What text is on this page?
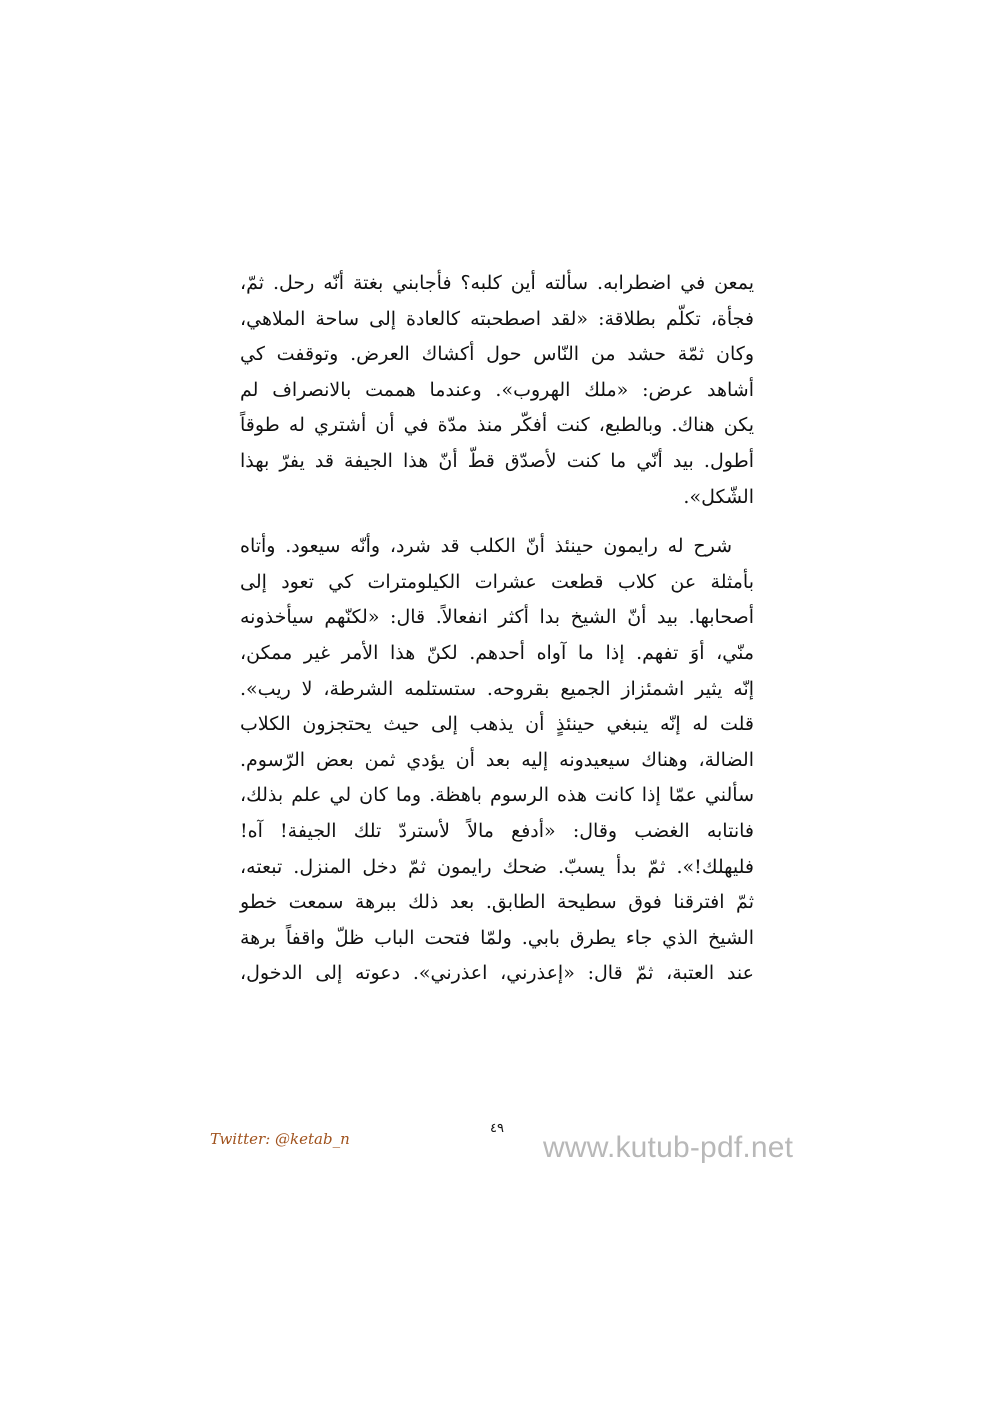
يمعن في اضطرابه. سألته أين كلبه؟ فأجابني بغتة أنّه رحل. ثمّ،
فجأة، تكلّم بطلاقة: «لقد اصطحبته كالعادة إلى ساحة الملاهي،
وكان ثمّة حشد من النّاس حول أكشاك العرض. وتوقفت كي
أشاهد عرض: «ملك الهروب». وعندما هممت بالانصراف لم
يكن هناك. وبالطبع، كنت أفكّر منذ مدّة في أن أشتري له طوقاً
أطول. بيد أنّي ما كنت لأصدّق قطّ أنّ هذا الجيفة قد يفرّ بهذا
الشّكل».
شرح له رايمون حينئذ أنّ الكلب قد شرد، وأنّه سيعود. وأتاه
بأمثلة عن كلاب قطعت عشرات الكيلومترات كي تعود إلى
أصحابها. بيد أنّ الشيخ بدا أكثر انفعالاً. قال: «لكنّهم سيأخذونه
منّي، أوَ تفهم. إذا ما آواه أحدهم. لكنّ هذا الأمر غير ممكن،
إنّه يثير اشمئزاز الجميع بقروحه. ستستلمه الشرطة، لا ريب».
قلت له إنّه ينبغي حينئذٍ أن يذهب إلى حيث يحتجزون الكلاب
الضالة، وهناك سيعيدونه إليه بعد أن يؤدي ثمن بعض الرّسوم.
سألني عمّا إذا كانت هذه الرسوم باهظة. وما كان لي علم بذلك،
فانتابه الغضب وقال: «أدفع مالاً لأستردّ تلك الجيفة! آه!
فليهلك!». ثمّ بدأ يسبّ. ضحك رايمون ثمّ دخل المنزل. تبعته،
ثمّ افترقنا فوق سطيحة الطابق. بعد ذلك ببرهة سمعت خطو
الشيخ الذي جاء يطرق بابي. ولمّا فتحت الباب ظلّ واقفاً برهة
عند العتبة، ثمّ قال: «إعذرني، اعذرني». دعوته إلى الدخول،
Twitter: @ketab_n
٤٩
www.kutub-pdf.net
